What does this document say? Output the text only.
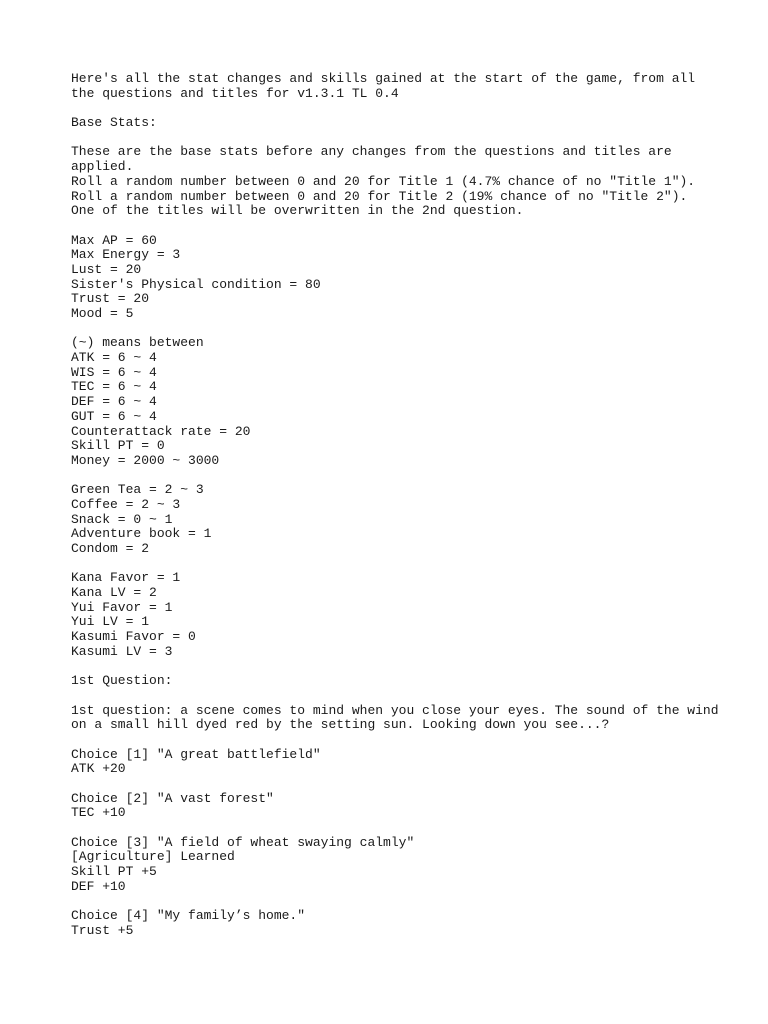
Here's all the stat changes and skills gained at the start of the game, from all
the questions and titles for v1.3.1 TL 0.4
Base Stats:
These are the base stats before any changes from the questions and titles are
applied.
Roll a random number between 0 and 20 for Title 1 (4.7% chance of no "Title 1").
Roll a random number between 0 and 20 for Title 2 (19% chance of no "Title 2").
One of the titles will be overwritten in the 2nd question.
Max AP = 60
Max Energy = 3
Lust = 20
Sister's Physical condition = 80
Trust = 20
Mood = 5
(~) means between
ATK = 6 ~ 4
WIS = 6 ~ 4
TEC = 6 ~ 4
DEF = 6 ~ 4
GUT = 6 ~ 4
Counterattack rate = 20
Skill PT = 0
Money = 2000 ~ 3000
Green Tea = 2 ~ 3
Coffee = 2 ~ 3
Snack = 0 ~ 1
Adventure book = 1
Condom = 2
Kana Favor = 1
Kana LV = 2
Yui Favor = 1
Yui LV = 1
Kasumi Favor = 0
Kasumi LV = 3
1st Question:
1st question: a scene comes to mind when you close your eyes. The sound of the wind
on a small hill dyed red by the setting sun. Looking down you see...?
Choice [1] "A great battlefield"
ATK +20
Choice [2] "A vast forest"
TEC +10
Choice [3] "A field of wheat swaying calmly"
[Agriculture] Learned
Skill PT +5
DEF +10
Choice [4] "My family’s home."
Trust +5
